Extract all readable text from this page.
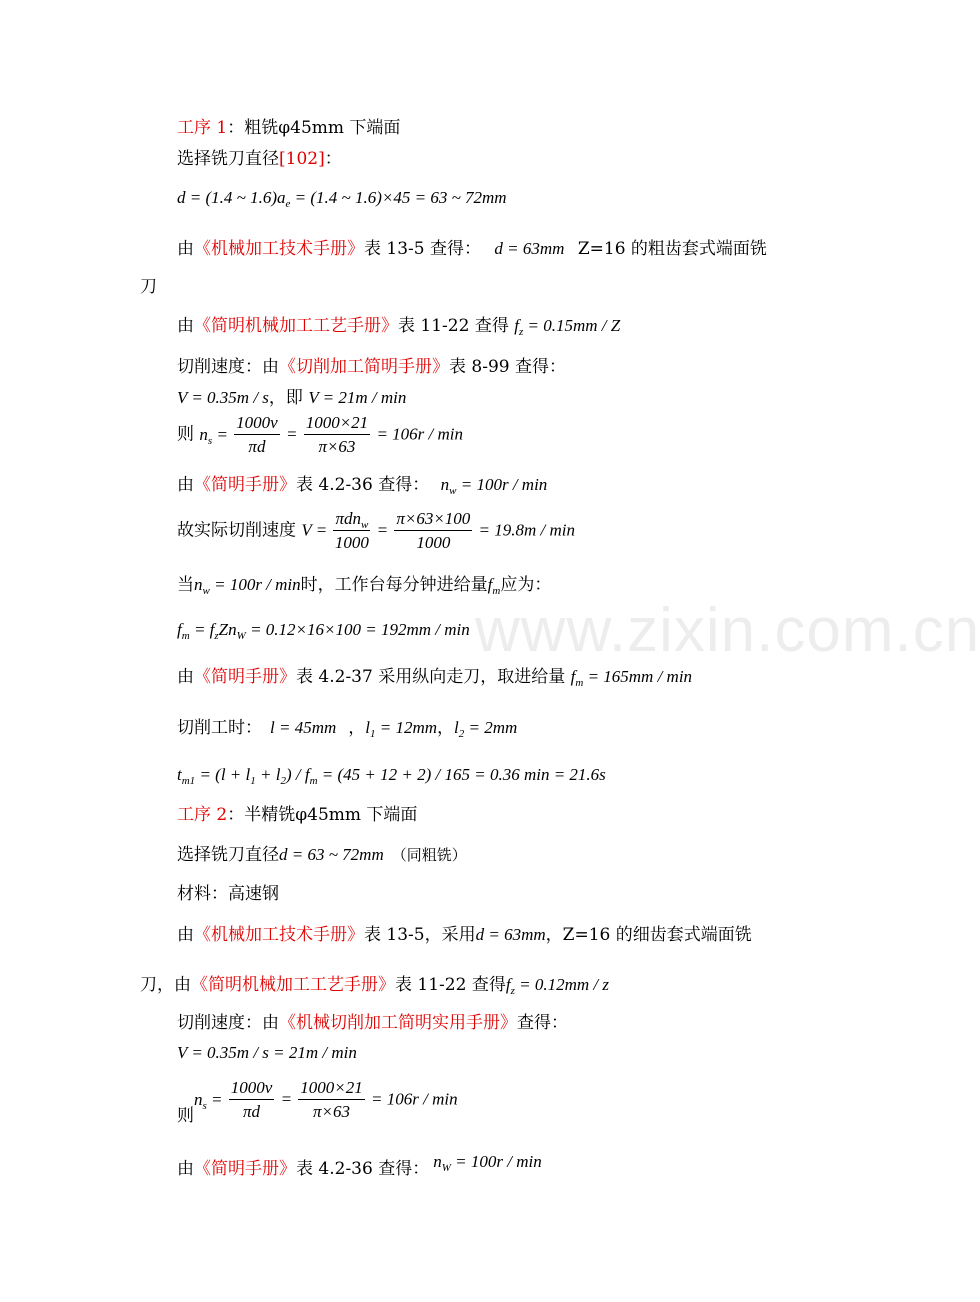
www.zixin.com.cn
工序 1：粗铣φ45mm 下端面
选择铣刀直径[102]：
d = (1.4 ~ $1.6)a_e = (1.4$ ~ 1.6)×45 = 63 ~ 72mm
由《机械加工技术手册》表 13-5 查得： d = 63mm Z=16 的粗齿套式端面铣
刀
由《简明机械加工工艺手册》表 11-22 查得 $f_z = 0.15mm / Z$
切削速度：由《切削加工简明手册》表 8-99 查得：
V = 0.35m / s，即 V = 21m / min
则 $n_s = \frac{1000v}{\pi d} = \frac{1000\times 21}{\pi\times 63} = 106r / \min$
由《简明手册》表 4.2-36 查得： $n_w = 100r / \min$
故实际切削速度 $V = \frac{\pi dn_w}{1000} = \frac{\pi\times 63\times 100}{1000} = 19.8m / \min$
当$n_w = 100r / \min$时，工作台每分钟进给量$f_m$应为：
$f_m = f_zZn_W = 0.12\times 16\times 100 = 192mm / \min$
由《简明手册》表 4.2-37 采用纵向走刀，取进给量 $f_m = 165mm / \min$
切削工时： l = 45mm ，$l_1 = 12mm$，$l_2 = 2mm$
$t_{m1} = (l + l_1 + l_2) / f_m = (45 + 12 + 2) / 165 = 0.36$ min = 21.6s
工序 2：半精铣φ45mm 下端面
选择铣刀直径d = 63 ~ 72mm （同粗铣）
材料：高速钢
由《机械加工技术手册》表 13-5，采用d = 63mm，Z=16 的细齿套式端面铣
刀，由《简明机械加工工艺手册》表 11-22 查得$f_z = 0.12mm / z$
切削速度：由《机械切削加工简明实用手册》查得：
V = 0.35m / s = 21m / min
则$n_s = \frac{1000v}{\pi d} = \frac{1000\times 21}{\pi\times 63} = 106r / \min$
由《简明手册》表 4.2-36 查得： $n_W = 100r / \min$
